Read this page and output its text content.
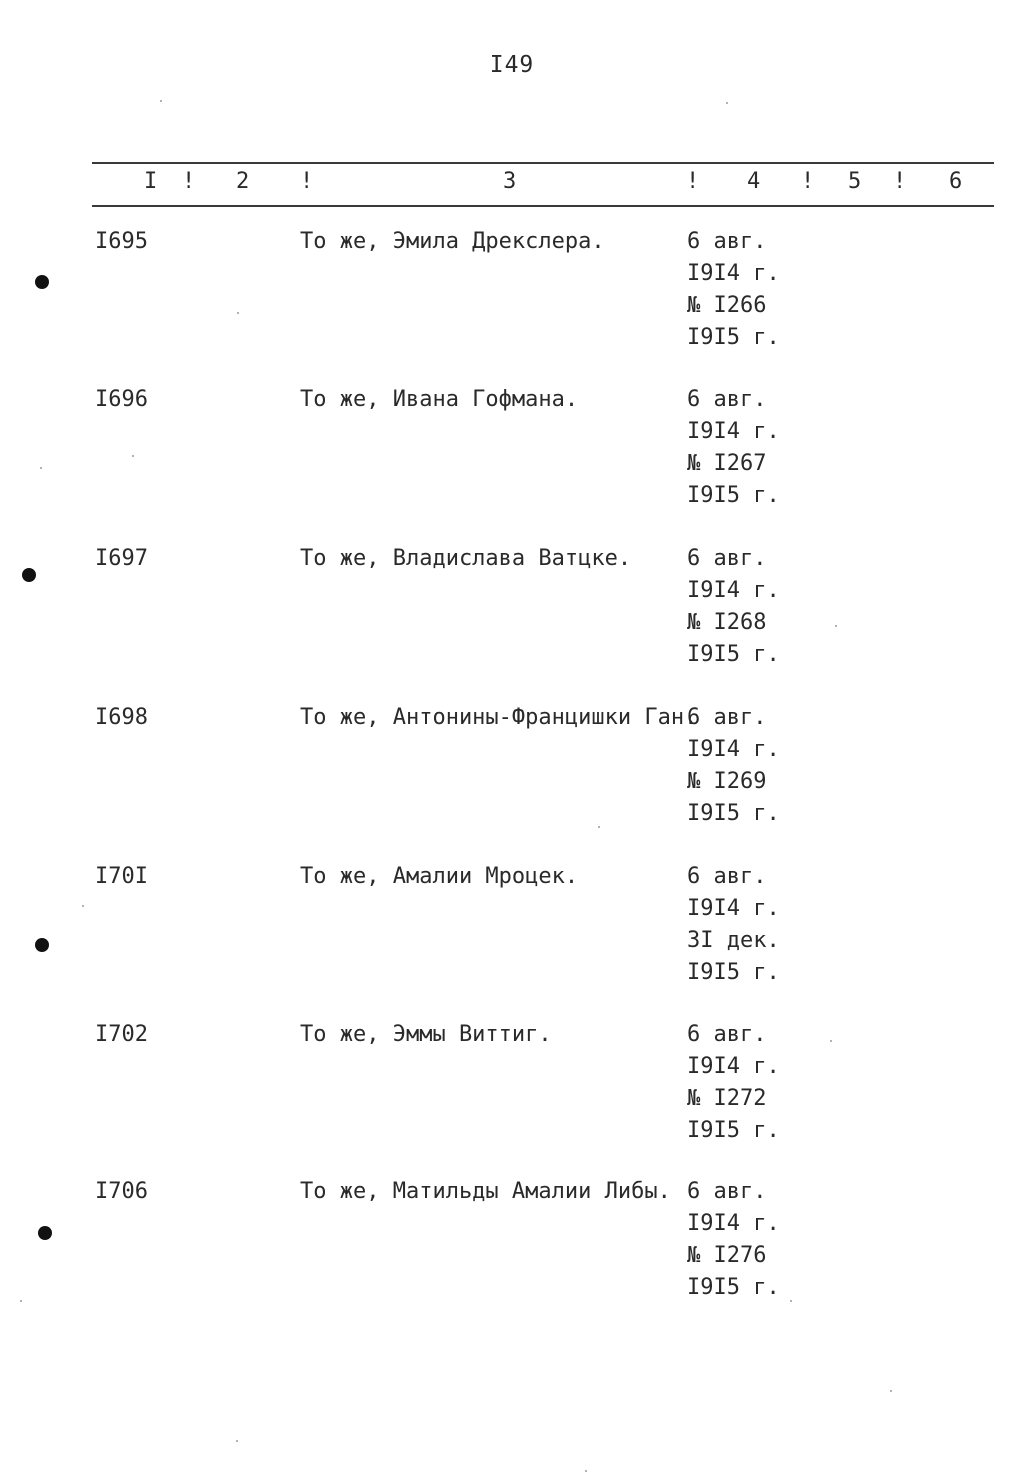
I49
I ! 2 !	3	! 4 ! 5 ! 6
I695	То же, Эмила Дрекслера.	6 авг.
I9I4 г.
№ I266
I9I5 г.
I696	То же, Ивана Гофмана.	6 авг.
I9I4 г.
№ I267
I9I5 г.
I697	То же, Владислава Ватцке.	6 авг.
I9I4 г.
№ I268
I9I5 г.
I698	То же, Антонины-Францишки Ган.
6 авг.
I9I4 г.
№ I269
I9I5 г.
I70I	То же, Амалии Мроцек.	6 авг.
I9I4 г.
3I дек.
I9I5 г.
I702	То же, Эммы Виттиг.	6 авг.
I9I4 г.
№ I272
I9I5 г.
I706	То же, Матильды Амалии Либы. 6 авг.
I9I4 г.
№ I276
I9I5 г.
